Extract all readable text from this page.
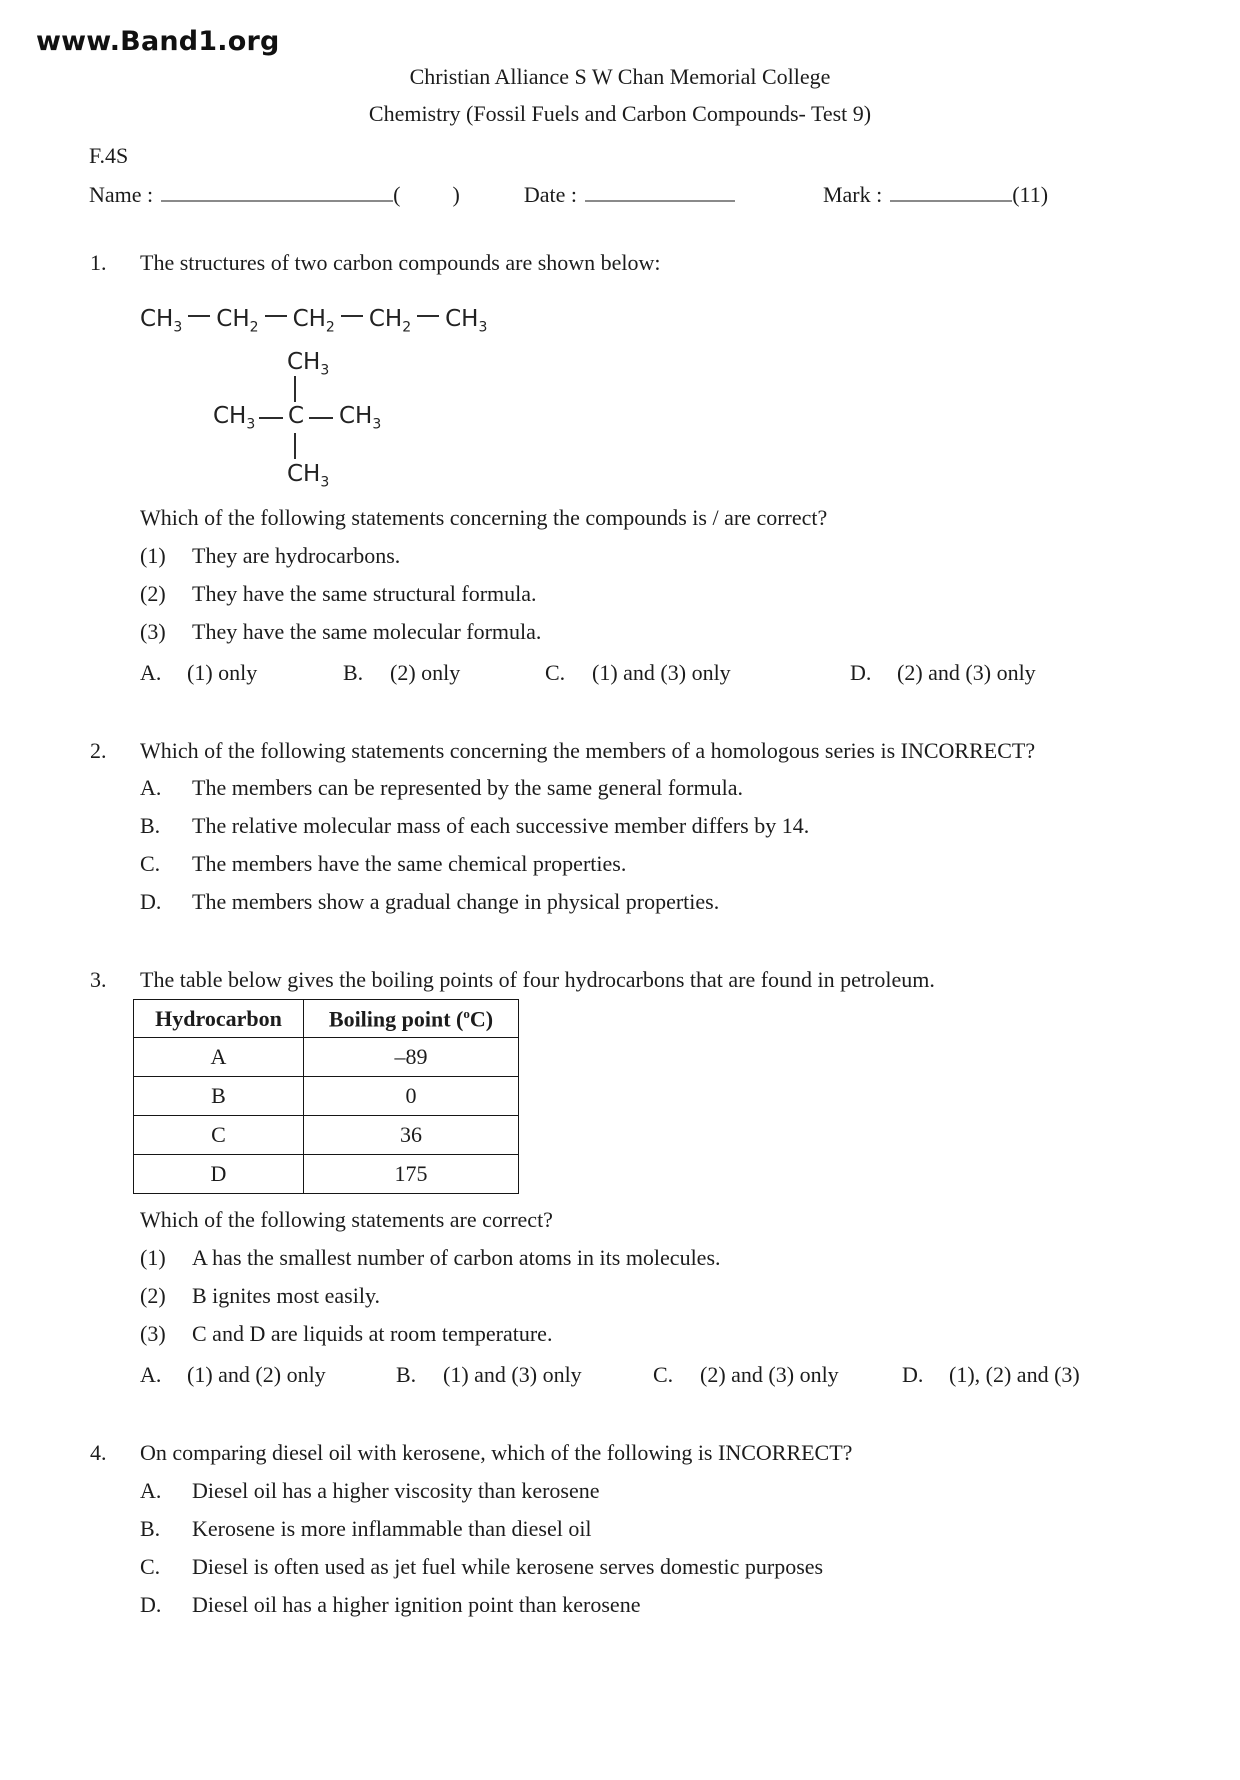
www.Band1.org
Christian Alliance S W Chan Memorial College
Chemistry (Fossil Fuels and Carbon Compounds- Test 9)
F.4S
Name :	( )	Date :	Mark :	(11)
1.	The structures of two carbon compounds are shown below:
$CH_3$ $CH_2$ $CH_2$ $CH_2$ $CH_3$
$CH_3$
$CH_3$ C $CH_3$
$CH_3$
Which of the following statements concerning the compounds is / are correct?
(1)	They are hydrocarbons.
(2)	They have the same structural formula.
(3)	They have the same molecular formula.
A.	(1) only	B.	(2) only	C.	(1) and (3) only	D.	(2) and (3) only
2.	Which of the following statements concerning the members of a homologous series is INCORRECT?
A.	The members can be represented by the same general formula.
B.	The relative molecular mass of each successive member differs by 14.
C.	The members have the same chemical properties.
D.	The members show a gradual change in physical properties.
3.	The table below gives the boiling points of four hydrocarbons that are found in petroleum.
Hydrocarbon	Boiling point ($^o$C)
A	–89
B	0
C	36
D	175
Which of the following statements are correct?
(1)	A has the smallest number of carbon atoms in its molecules.
(2)	B ignites most easily.
(3)	C and D are liquids at room temperature.
A.	(1) and (2) only	B.	(1) and (3) only	C.	(2) and (3) only	D.	(1), (2) and (3)
4.	On comparing diesel oil with kerosene, which of the following is INCORRECT?
A.	Diesel oil has a higher viscosity than kerosene
B.	Kerosene is more inflammable than diesel oil
C.	Diesel is often used as jet fuel while kerosene serves domestic purposes
D.	Diesel oil has a higher ignition point than kerosene
